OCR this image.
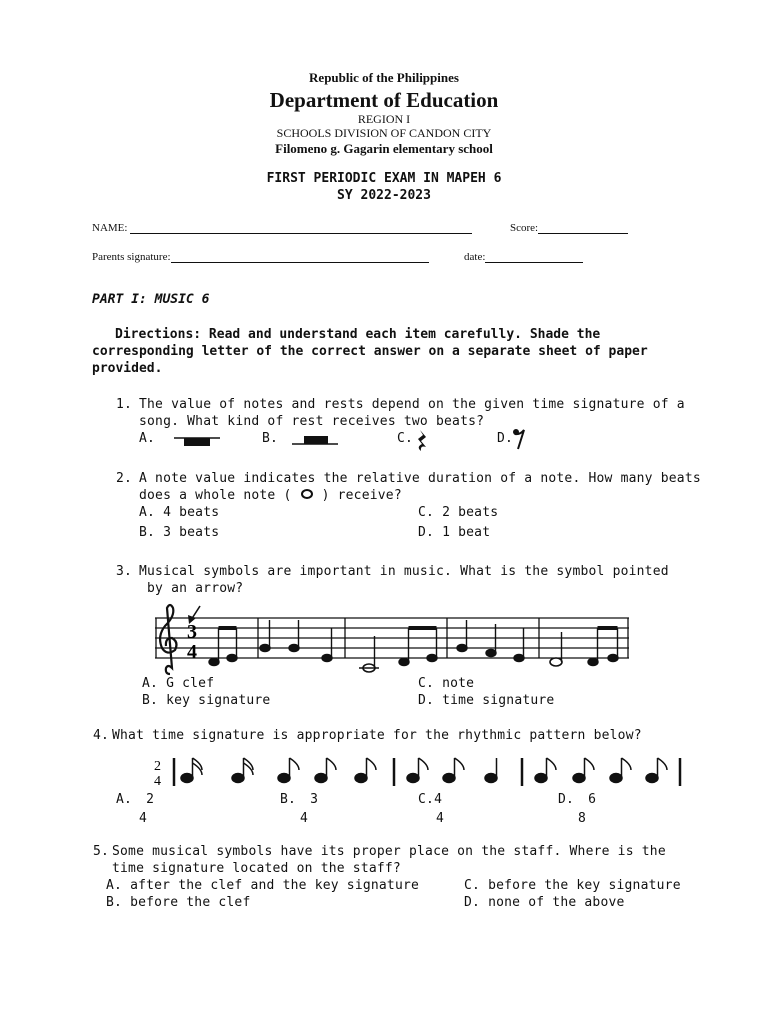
Republic of the Philippines
Department of Education
REGION I
SCHOOLS DIVISION OF CANDON CITY
Filomeno g. Gagarin elementary school
FIRST PERIODIC EXAM IN MAPEH 6
SY 2022-2023
NAME:	Score:
Parents signature:	date:
PART I: MUSIC 6
Directions: Read and understand each item carefully. Shade the
corresponding letter of the correct answer on a separate sheet of paper
provided.
1. The value of notes and rests depend on the given time signature of a
song. What kind of rest receives two beats?
A.	B.	C.	D.
2. A note value indicates the relative duration of a note. How many beats
does a whole note ( ) receive?
A. 4 beats	C. 2 beats
B. 3 beats	D. 1 beat
3. Musical symbols are important in music. What is the symbol pointed
by an arrow?
3
4
A. G clef	C. note
B. key signature	D. time signature
4. What time signature is appropriate for the rhythmic pattern below?
2
4
A. 2
4
B. 3
4
C.4
4
D. 6
8
5. Some musical symbols have its proper place on the staff. Where is the
time signature located on the staff?
A. after the clef and the key signature	C. before the key signature
B. before the clef	D. none of the above
